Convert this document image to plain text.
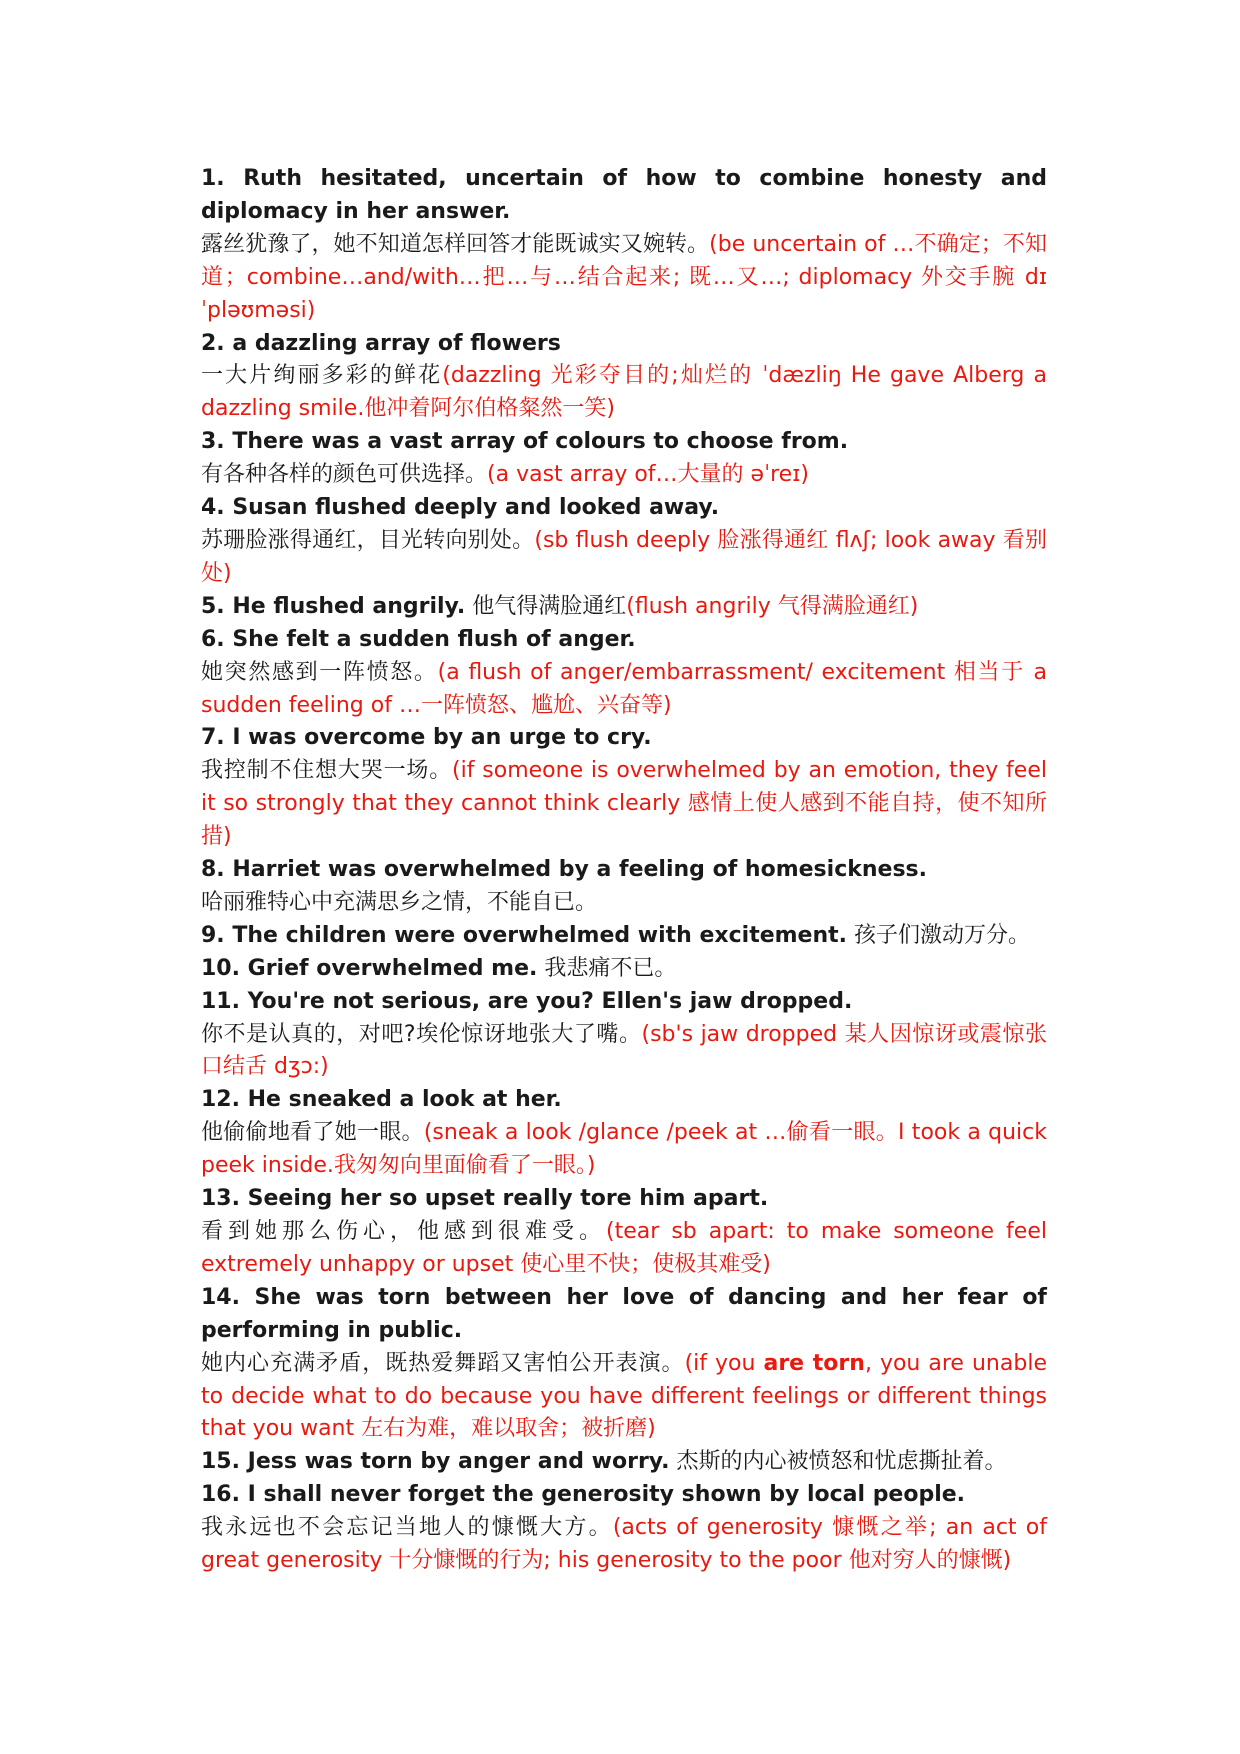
1. Ruth hesitated, uncertain of how to combine honesty and diplomacy in her answer.
露丝犹豫了，她不知道怎样回答才能既诚实又婉转。(be uncertain of …不确定；不知道；combine…and/with…把…与…结合起来; 既…又…; diplomacy 外交手腕 dɪˈpləʊməsi)

2. a dazzling array of flowers
一大片绚丽多彩的鲜花(dazzling 光彩夺目的;灿烂的 ˈdæzliŋ He gave Alberg a dazzling smile.他冲着阿尔伯格粲然一笑)

3. There was a vast array of colours to choose from.
有各种各样的颜色可供选择。(a vast array of…大量的 əˈreɪ)

4. Susan flushed deeply and looked away.
苏珊脸涨得通红，目光转向别处。(sb flush deeply 脸涨得通红 flʌʃ; look away 看别处)

5. He flushed angrily. 他气得满脸通红(flush angrily 气得满脸通红)

6. She felt a sudden flush of anger.
她突然感到一阵愤怒。(a flush of anger/embarrassment/ excitement 相当于 a sudden feeling of …一阵愤怒、尴尬、兴奋等)

7. I was overcome by an urge to cry.
我控制不住想大哭一场。(if someone is overwhelmed by an emotion, they feel it so strongly that they cannot think clearly 感情上使人感到不能自持，使不知所措)

8. Harriet was overwhelmed by a feeling of homesickness.
哈丽雅特心中充满思乡之情，不能自已。

9. The children were overwhelmed with excitement. 孩子们激动万分。

10. Grief overwhelmed me. 我悲痛不已。

11. You're not serious, are you? Ellen's jaw dropped.
你不是认真的，对吧?埃伦惊讶地张大了嘴。(sb's jaw dropped 某人因惊讶或震惊张口结舌 dʒɔ:)

12. He sneaked a look at her.
他偷偷地看了她一眼。(sneak a look /glance /peek at …偷看一眼。I took a quick peek inside.我匆匆向里面偷看了一眼。)

13. Seeing her so upset really tore him apart.
看到她那么伤心，他感到很难受。(tear sb apart: to make someone feel extremely unhappy or upset 使心里不快；使极其难受)

14. She was torn between her love of dancing and her fear of performing in public.
她内心充满矛盾，既热爱舞蹈又害怕公开表演。(if you are torn, you are unable to decide what to do because you have different feelings or different things that you want 左右为难，难以取舍；被折磨)

15. Jess was torn by anger and worry. 杰斯的内心被愤怒和忧虑撕扯着。

16. I shall never forget the generosity shown by local people.
我永远也不会忘记当地人的慷慨大方。(acts of generosity 慷慨之举; an act of great generosity 十分慷慨的行为; his generosity to the poor 他对穷人的慷慨)
